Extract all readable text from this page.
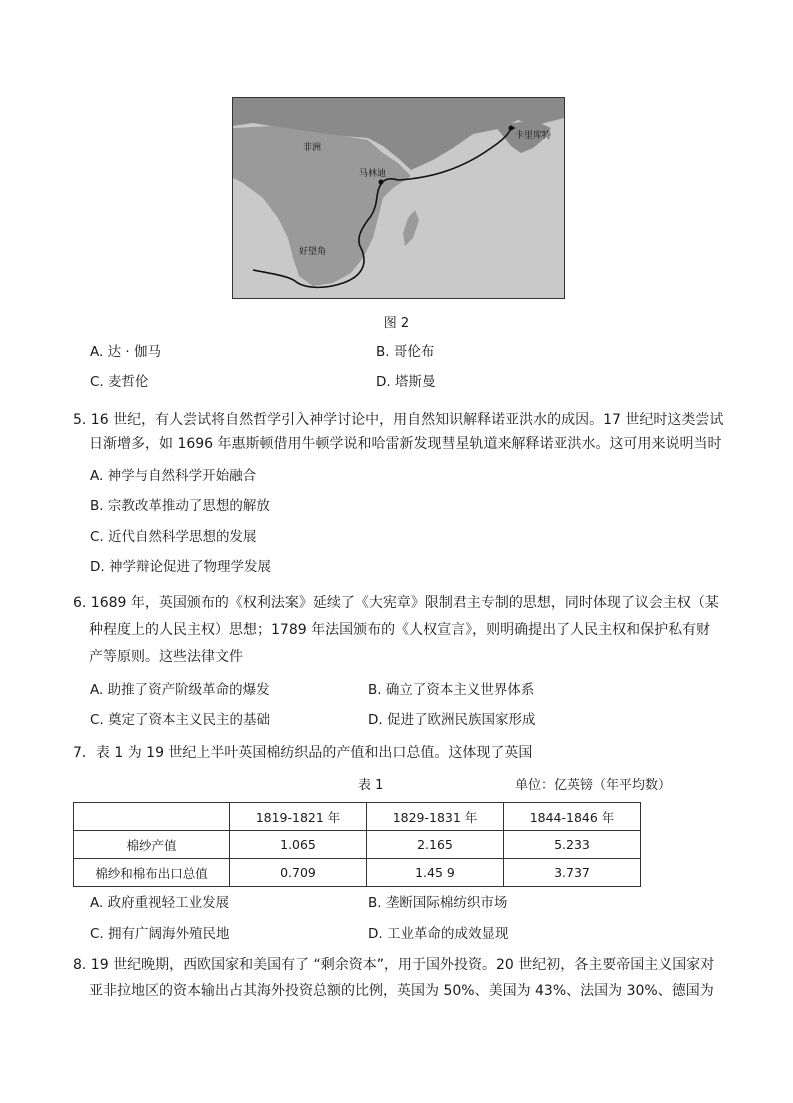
非洲
马林迪
卡里库特
好望角
图 2
A. 达 · 伽马	B. 哥伦布
C. 麦哲伦	D. 塔斯曼
5. 16 世纪，有人尝试将自然哲学引入神学讨论中，用自然知识解释诺亚洪水的成因。17 世纪时这类尝试
日渐增多，如 1696 年惠斯顿借用牛顿学说和哈雷新发现彗星轨道来解释诺亚洪水。这可用来说明当时
A. 神学与自然科学开始融合
B. 宗教改革推动了思想的解放
C. 近代自然科学思想的发展
D. 神学辩论促进了物理学发展
6. 1689 年，英国颁布的《权利法案》延续了《大宪章》限制君主专制的思想，同时体现了议会主权（某
种程度上的人民主权）思想；1789 年法国颁布的《人权宣言》，则明确提出了人民主权和保护私有财
产等原则。这些法律文件
A. 助推了资产阶级革命的爆发	B. 确立了资本主义世界体系
C. 奠定了资本主义民主的基础	D. 促进了欧洲民族国家形成
7．表 1 为 19 世纪上半叶英国棉纺织品的产值和出口总值。这体现了英国
表 1	单位：亿英镑（年平均数）
	1819-1821 年	1829-1831 年	1844-1846 年
棉纱产值	1.065	2.165	5.233
棉纱和棉布出口总值	0.709	1.45 9	3.737
A. 政府重视轻工业发展	B. 垄断国际棉纺织市场
C. 拥有广阔海外殖民地	D. 工业革命的成效显现
8. 19 世纪晚期，西欧国家和美国有了 “剩余资本”，用于国外投资。20 世纪初，各主要帝国主义国家对
亚非拉地区的资本输出占其海外投资总额的比例，英国为 50%、美国为 43%、法国为 30%、德国为
